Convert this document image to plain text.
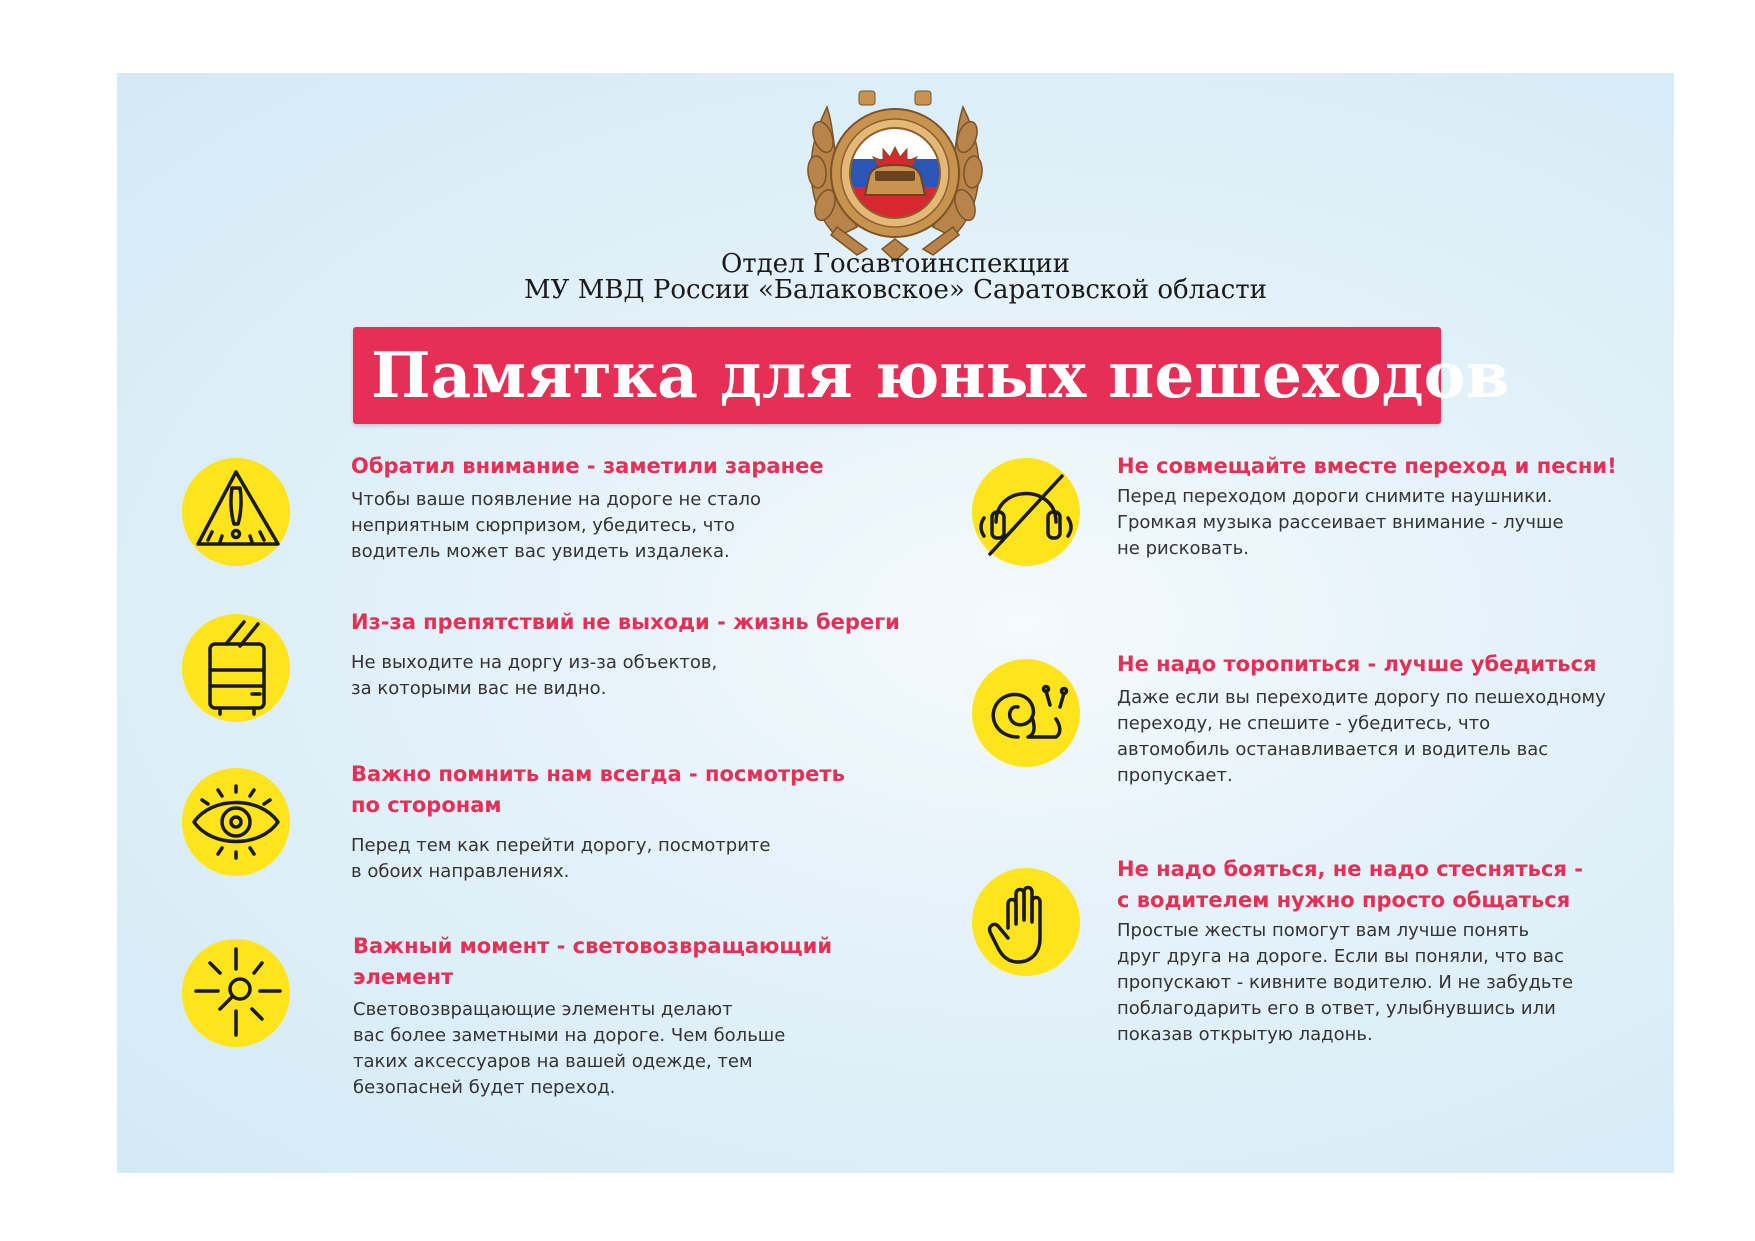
Отдел Госавтоинспекции
МУ МВД России «Балаковское» Саратовской области
Памятка для юных пешеходов
Обратил внимание - заметили заранее

Чтобы ваше появление на дороге не стало
неприятным сюрпризом, убедитесь, что
водитель может вас увидеть издалека.

Из-за препятствий не выходи - жизнь береги

Не выходите на доргу из-за объектов,
за которыми вас не видно.

Важно помнить нам всегда - посмотреть
по сторонам

Перед тем как перейти дорогу, посмотрите
в обоих направлениях.

Важный момент - световозвращающий
элемент

Световозвращающие элементы делают
вас более заметными на дороге. Чем больше
таких аксессуаров на вашей одежде, тем
безопасней будет переход.

Не совмещайте вместе переход и песни!

Перед переходом дороги снимите наушники.
Громкая музыка рассеивает внимание - лучше
не рисковать.

Не надо торопиться - лучше убедиться

Даже если вы переходите дорогу по пешеходному
переходу, не спешите - убедитесь, что
автомобиль останавливается и водитель вас
пропускает.

Не надо бояться, не надо стесняться -
с водителем нужно просто общаться

Простые жесты помогут вам лучше понять
друг друга на дороге. Если вы поняли, что вас
пропускают - кивните водителю. И не забудьте
поблагодарить его в ответ, улыбнувшись или
показав открытую ладонь.
